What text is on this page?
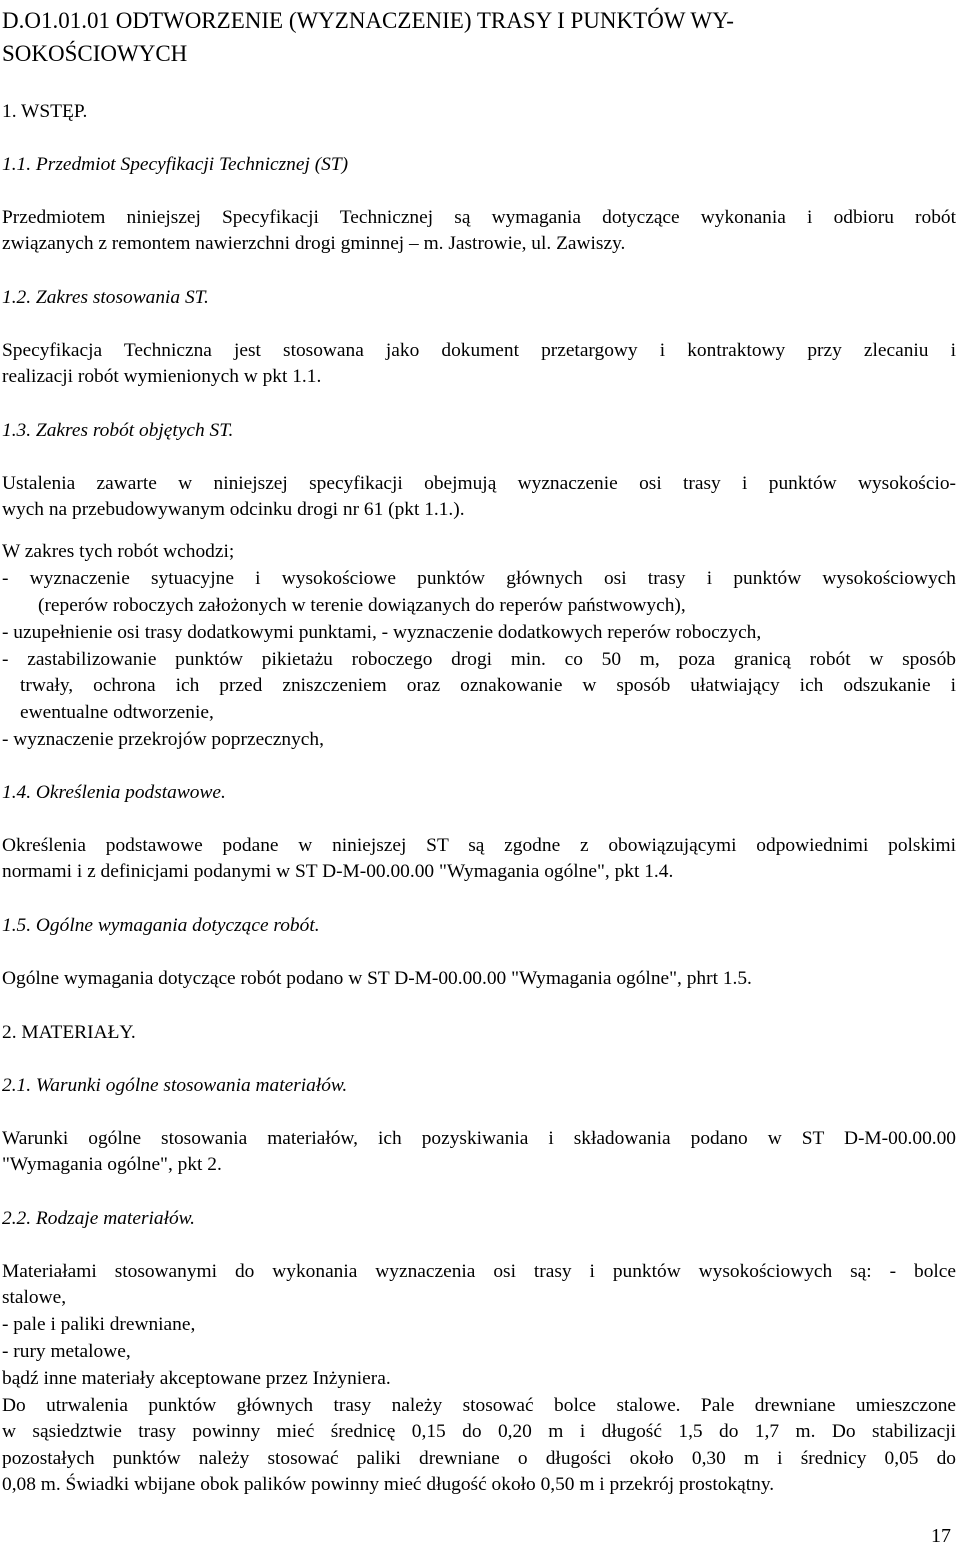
D.O1.01.01 ODTWORZENIE (WYZNACZENIE) TRASY I PUNKTÓW WY-
SOKOŚCIOWYCH
1. WSTĘP.
1.1. Przedmiot Specyfikacji Technicznej (ST)
Przedmiotem niniejszej Specyfikacji Technicznej są wymagania dotyczące wykonania i odbioru robót
związanych z remontem nawierzchni drogi gminnej – m. Jastrowie, ul. Zawiszy.
1.2. Zakres stosowania ST.
Specyfikacja Techniczna jest stosowana jako dokument przetargowy i kontraktowy przy zlecaniu i
realizacji robót wymienionych w pkt 1.1.
1.3. Zakres robót objętych ST.
Ustalenia zawarte w niniejszej specyfikacji obejmują wyznaczenie osi trasy i punktów wysokościo-
wych na przebudowywanym odcinku drogi nr 61 (pkt 1.1.).
W zakres tych robót wchodzi;
- wyznaczenie sytuacyjne i wysokościowe punktów głównych osi trasy i punktów wysokościowych
(reperów roboczych założonych w terenie dowiązanych do reperów państwowych),
- uzupełnienie osi trasy dodatkowymi punktami, - wyznaczenie dodatkowych reperów roboczych,
- zastabilizowanie punktów pikietażu roboczego drogi min. co 50 m, poza granicą robót w sposób
trwały, ochrona ich przed zniszczeniem oraz oznakowanie w sposób ułatwiający ich odszukanie i
ewentualne odtworzenie,
- wyznaczenie przekrojów poprzecznych,
1.4. Określenia podstawowe.
Określenia podstawowe podane w niniejszej ST są zgodne z obowiązującymi odpowiednimi polskimi
normami i z definicjami podanymi w ST D-M-00.00.00 "Wymagania ogólne", pkt 1.4.
1.5. Ogólne wymagania dotyczące robót.
Ogólne wymagania dotyczące robót podano w ST D-M-00.00.00 "Wymagania ogólne", phrt 1.5.
2. MATERIAŁY.
2.1. Warunki ogólne stosowania materiałów.
Warunki ogólne stosowania materiałów, ich pozyskiwania i składowania podano w ST D-M-00.00.00
"Wymagania ogólne", pkt 2.
2.2. Rodzaje materiałów.
Materiałami stosowanymi do wykonania wyznaczenia osi trasy i punktów wysokościowych są: - bolce
stalowe,
- pale i paliki drewniane,
- rury metalowe,
bądź inne materiały akceptowane przez Inżyniera.
Do utrwalenia punktów głównych trasy należy stosować bolce stalowe. Pale drewniane umieszczone
w sąsiedztwie trasy powinny mieć średnicę 0,15 do 0,20 m i długość 1,5 do 1,7 m. Do stabilizacji
pozostałych punktów należy stosować paliki drewniane o długości około 0,30 m i średnicy 0,05 do
0,08 m. Świadki wbijane obok palików powinny mieć długość około 0,50 m i przekrój prostokątny.
17
